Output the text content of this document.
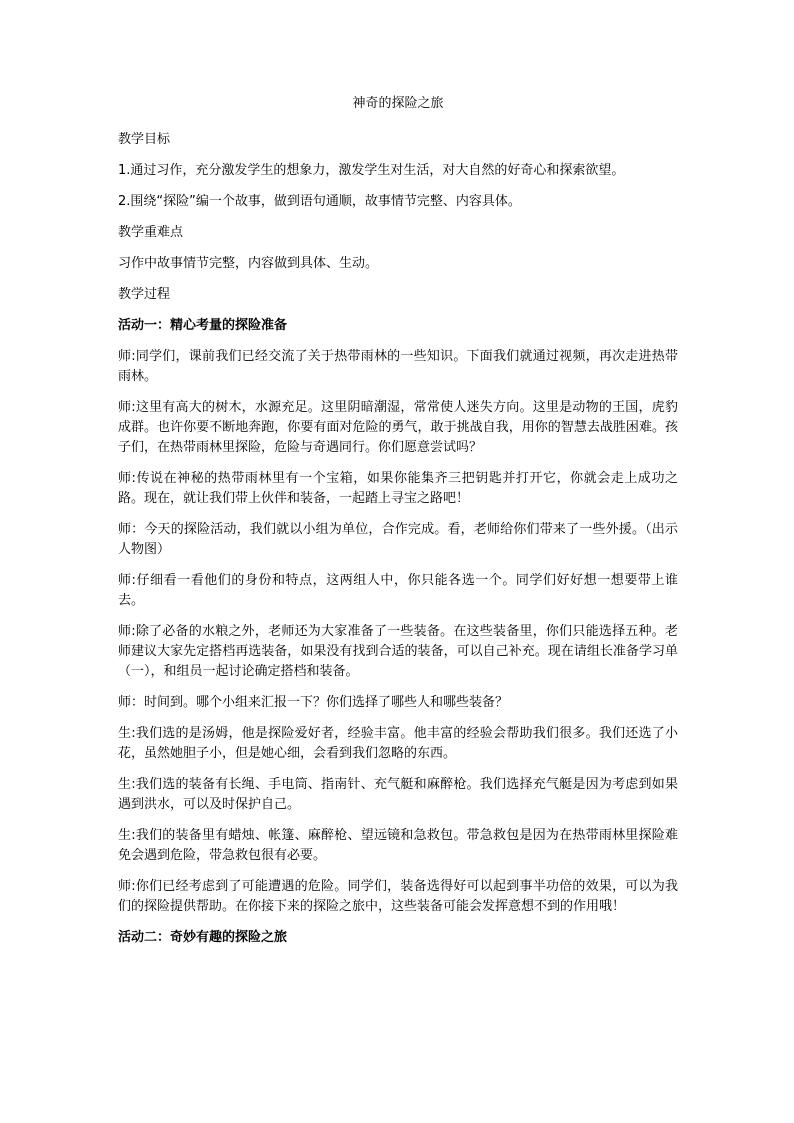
神奇的探险之旅
教学目标
1.通过习作，充分激发学生的想象力，激发学生对生活，对大自然的好奇心和探索欲望。
2.围绕“探险”编一个故事，做到语句通顺，故事情节完整、内容具体。
教学重难点
习作中故事情节完整，内容做到具体、生动。
教学过程
活动一：精心考量的探险准备
师:同学们，课前我们已经交流了关于热带雨林的一些知识。下面我们就通过视频，再次走进热带雨林。
师:这里有高大的树木，水源充足。这里阴暗潮湿，常常使人迷失方向。这里是动物的王国，虎豹成群。也许你要不断地奔跑，你要有面对危险的勇气，敢于挑战自我，用你的智慧去战胜困难。孩子们，在热带雨林里探险，危险与奇遇同行。你们愿意尝试吗？
师:传说在神秘的热带雨林里有一个宝箱，如果你能集齐三把钥匙并打开它，你就会走上成功之路。现在，就让我们带上伙伴和装备，一起踏上寻宝之路吧！
师：今天的探险活动，我们就以小组为单位，合作完成。看，老师给你们带来了一些外援。（出示人物图）
师:仔细看一看他们的身份和特点，这两组人中，你只能各选一个。同学们好好想一想要带上谁去。
师:除了必备的水粮之外，老师还为大家准备了一些装备。在这些装备里，你们只能选择五种。老师建议大家先定搭档再选装备，如果没有找到合适的装备，可以自己补充。现在请组长准备学习单（一），和组员一起讨论确定搭档和装备。
师：时间到。哪个小组来汇报一下？你们选择了哪些人和哪些装备？
生:我们选的是汤姆，他是探险爱好者，经验丰富。他丰富的经验会帮助我们很多。我们还选了小花，虽然她胆子小，但是她心细，会看到我们忽略的东西。
生:我们选的装备有长绳、手电筒、指南针、充气艇和麻醉枪。我们选择充气艇是因为考虑到如果遇到洪水，可以及时保护自己。
生:我们的装备里有蜡烛、帐篷、麻醉枪、望远镜和急救包。带急救包是因为在热带雨林里探险难免会遇到危险，带急救包很有必要。
师:你们已经考虑到了可能遭遇的危险。同学们，装备选得好可以起到事半功倍的效果，可以为我们的探险提供帮助。在你接下来的探险之旅中，这些装备可能会发挥意想不到的作用哦！
活动二：奇妙有趣的探险之旅
